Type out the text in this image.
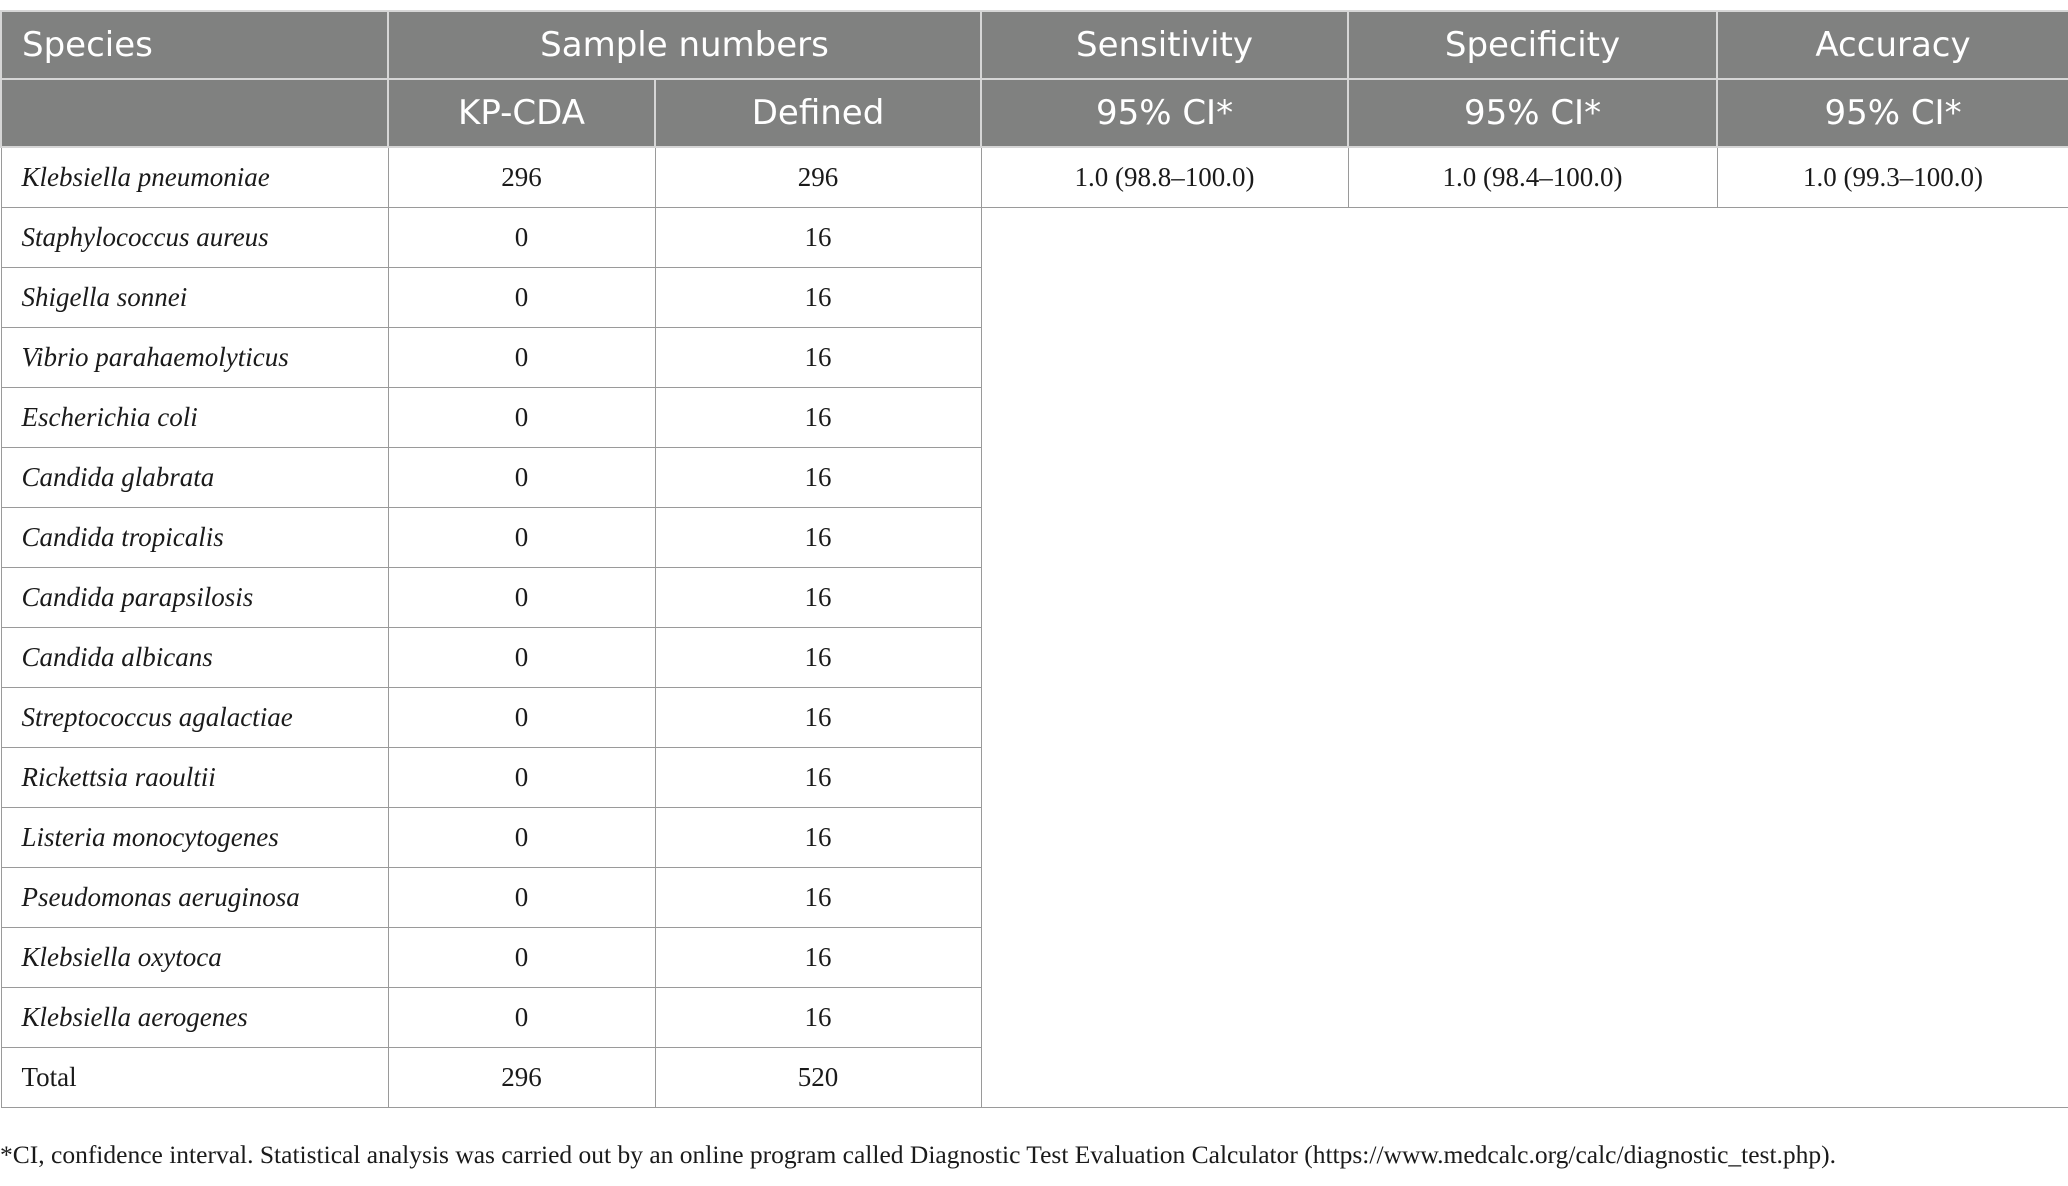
Species	Sample numbers		Sensitivity	Specificity	Accuracy
	KP-CDA	Defined	95% CI*	95% CI*	95% CI*
Klebsiella pneumoniae	296	296	1.0 (98.8–100.0)	1.0 (98.4–100.0)	1.0 (99.3–100.0)
Staphylococcus aureus	0	16			
Shigella sonnei	0	16			
Vibrio parahaemolyticus	0	16			
Escherichia coli	0	16			
Candida glabrata	0	16			
Candida tropicalis	0	16			
Candida parapsilosis	0	16			
Candida albicans	0	16			
Streptococcus agalactiae	0	16			
Rickettsia raoultii	0	16			
Listeria monocytogenes	0	16			
Pseudomonas aeruginosa	0	16			
Klebsiella oxytoca	0	16			
Klebsiella aerogenes	0	16			
Total	296	520			
*CI, confidence interval. Statistical analysis was carried out by an online program called Diagnostic Test Evaluation Calculator (https://www.medcalc.org/calc/diagnostic_test.php).
